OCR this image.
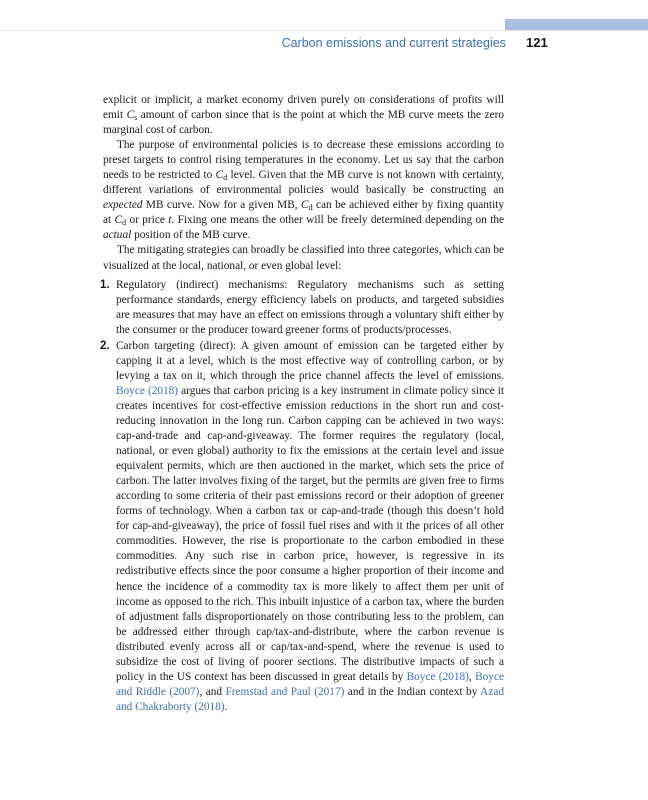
Carbon emissions and current strategies 121

explicit or implicit, a market economy driven purely on considerations of profits will emit $C_s$ amount of carbon since that is the point at which the MB curve meets the zero marginal cost of carbon.

The purpose of environmental policies is to decrease these emissions according to preset targets to control rising temperatures in the economy. Let us say that the carbon needs to be restricted to $C_d$ level. Given that the MB curve is not known with certainty, different variations of environmental policies would basically be constructing an expected MB curve. Now for a given MB, $C_d$ can be achieved either by fixing quantity at $C_d$ or price t. Fixing one means the other will be freely determined depending on the actual position of the MB curve.

The mitigating strategies can broadly be classified into three categories, which can be visualized at the local, national, or even global level:

1. Regulatory (indirect) mechanisms: Regulatory mechanisms such as setting performance standards, energy efficiency labels on products, and targeted subsidies are measures that may have an effect on emissions through a voluntary shift either by the consumer or the producer toward greener forms of products/processes.
2. Carbon targeting (direct): A given amount of emission can be targeted either by capping it at a level, which is the most effective way of controlling carbon, or by levying a tax on it, which through the price channel affects the level of emissions. Boyce (2018) argues that carbon pricing is a key instrument in climate policy since it creates incentives for cost-effective emission reductions in the short run and cost-reducing innovation in the long run. Carbon capping can be achieved in two ways: cap-and-trade and cap-and-giveaway. The former requires the regulatory (local, national, or even global) authority to fix the emissions at the certain level and issue equivalent permits, which are then auctioned in the market, which sets the price of carbon. The latter involves fixing of the target, but the permits are given free to firms according to some criteria of their past emissions record or their adoption of greener forms of technology. When a carbon tax or cap-and-trade (though this doesn’t hold for cap-and-giveaway), the price of fossil fuel rises and with it the prices of all other commodities. However, the rise is proportionate to the carbon embodied in these commodities. Any such rise in carbon price, however, is regressive in its redistributive effects since the poor consume a higher proportion of their income and hence the incidence of a commodity tax is more likely to affect them per unit of income as opposed to the rich. This inbuilt injustice of a carbon tax, where the burden of adjustment falls disproportionately on those contributing less to the problem, can be addressed either through cap/tax-and-distribute, where the carbon revenue is distributed evenly across all or cap/tax-and-spend, where the revenue is used to subsidize the cost of living of poorer sections. The distributive impacts of such a policy in the US context has been discussed in great details by Boyce (2018), Boyce and Riddle (2007), and Fremstad and Paul (2017) and in the Indian context by Azad and Chakraborty (2018).
